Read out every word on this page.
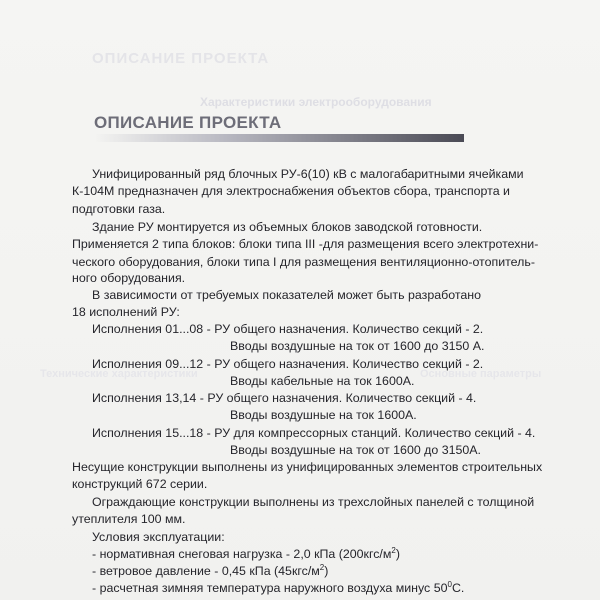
ОПИСАНИЕ ПРОЕКТА
Характеристики электрооборудования
Технические характеристики	Основные параметры
ОПИСАНИЕ ПРОЕКТА
Унифицированный ряд блочных РУ-6(10) кВ с малогабаритными ячейками
К-104М предназначен для электроснабжения объектов сбора, транспорта и
подготовки газа.
Здание РУ монтируется из объемных блоков заводской готовности.
Применяется 2 типа блоков: блоки типа III -для размещения всего электротехни-
ческого оборудования, блоки типа I для размещения вентиляционно-отопитель-
ного оборудования.
В зависимости от требуемых показателей может быть разработано
18 исполнений РУ:
Исполнения 01...08 - РУ общего назначения. Количество секций - 2.
Вводы воздушные на ток от 1600 до 3150 А.
Исполнения 09...12 - РУ общего назначения. Количество секций - 2.
Вводы кабельные на ток 1600А.
Исполнения 13,14 - РУ общего назначения. Количество секций - 4.
Вводы воздушные на ток 1600А.
Исполнения 15...18 - РУ для компрессорных станций. Количество секций - 4.
Вводы воздушные на ток от 1600 до 3150А.
Несущие конструкции выполнены из унифицированных элементов строительных
конструкций 672 серии.
Ограждающие конструкции выполнены из трехслойных панелей с толщиной
утеплителя 100 мм.
Условия эксплуатации:
- нормативная снеговая нагрузка - 2,0 кПа $(200кгс/м^2)$
- ветровое давление - 0,45 кПа $(45кгс/м^2)$
- расчетная зимняя температура наружного воздуха минус $50^0С$.
